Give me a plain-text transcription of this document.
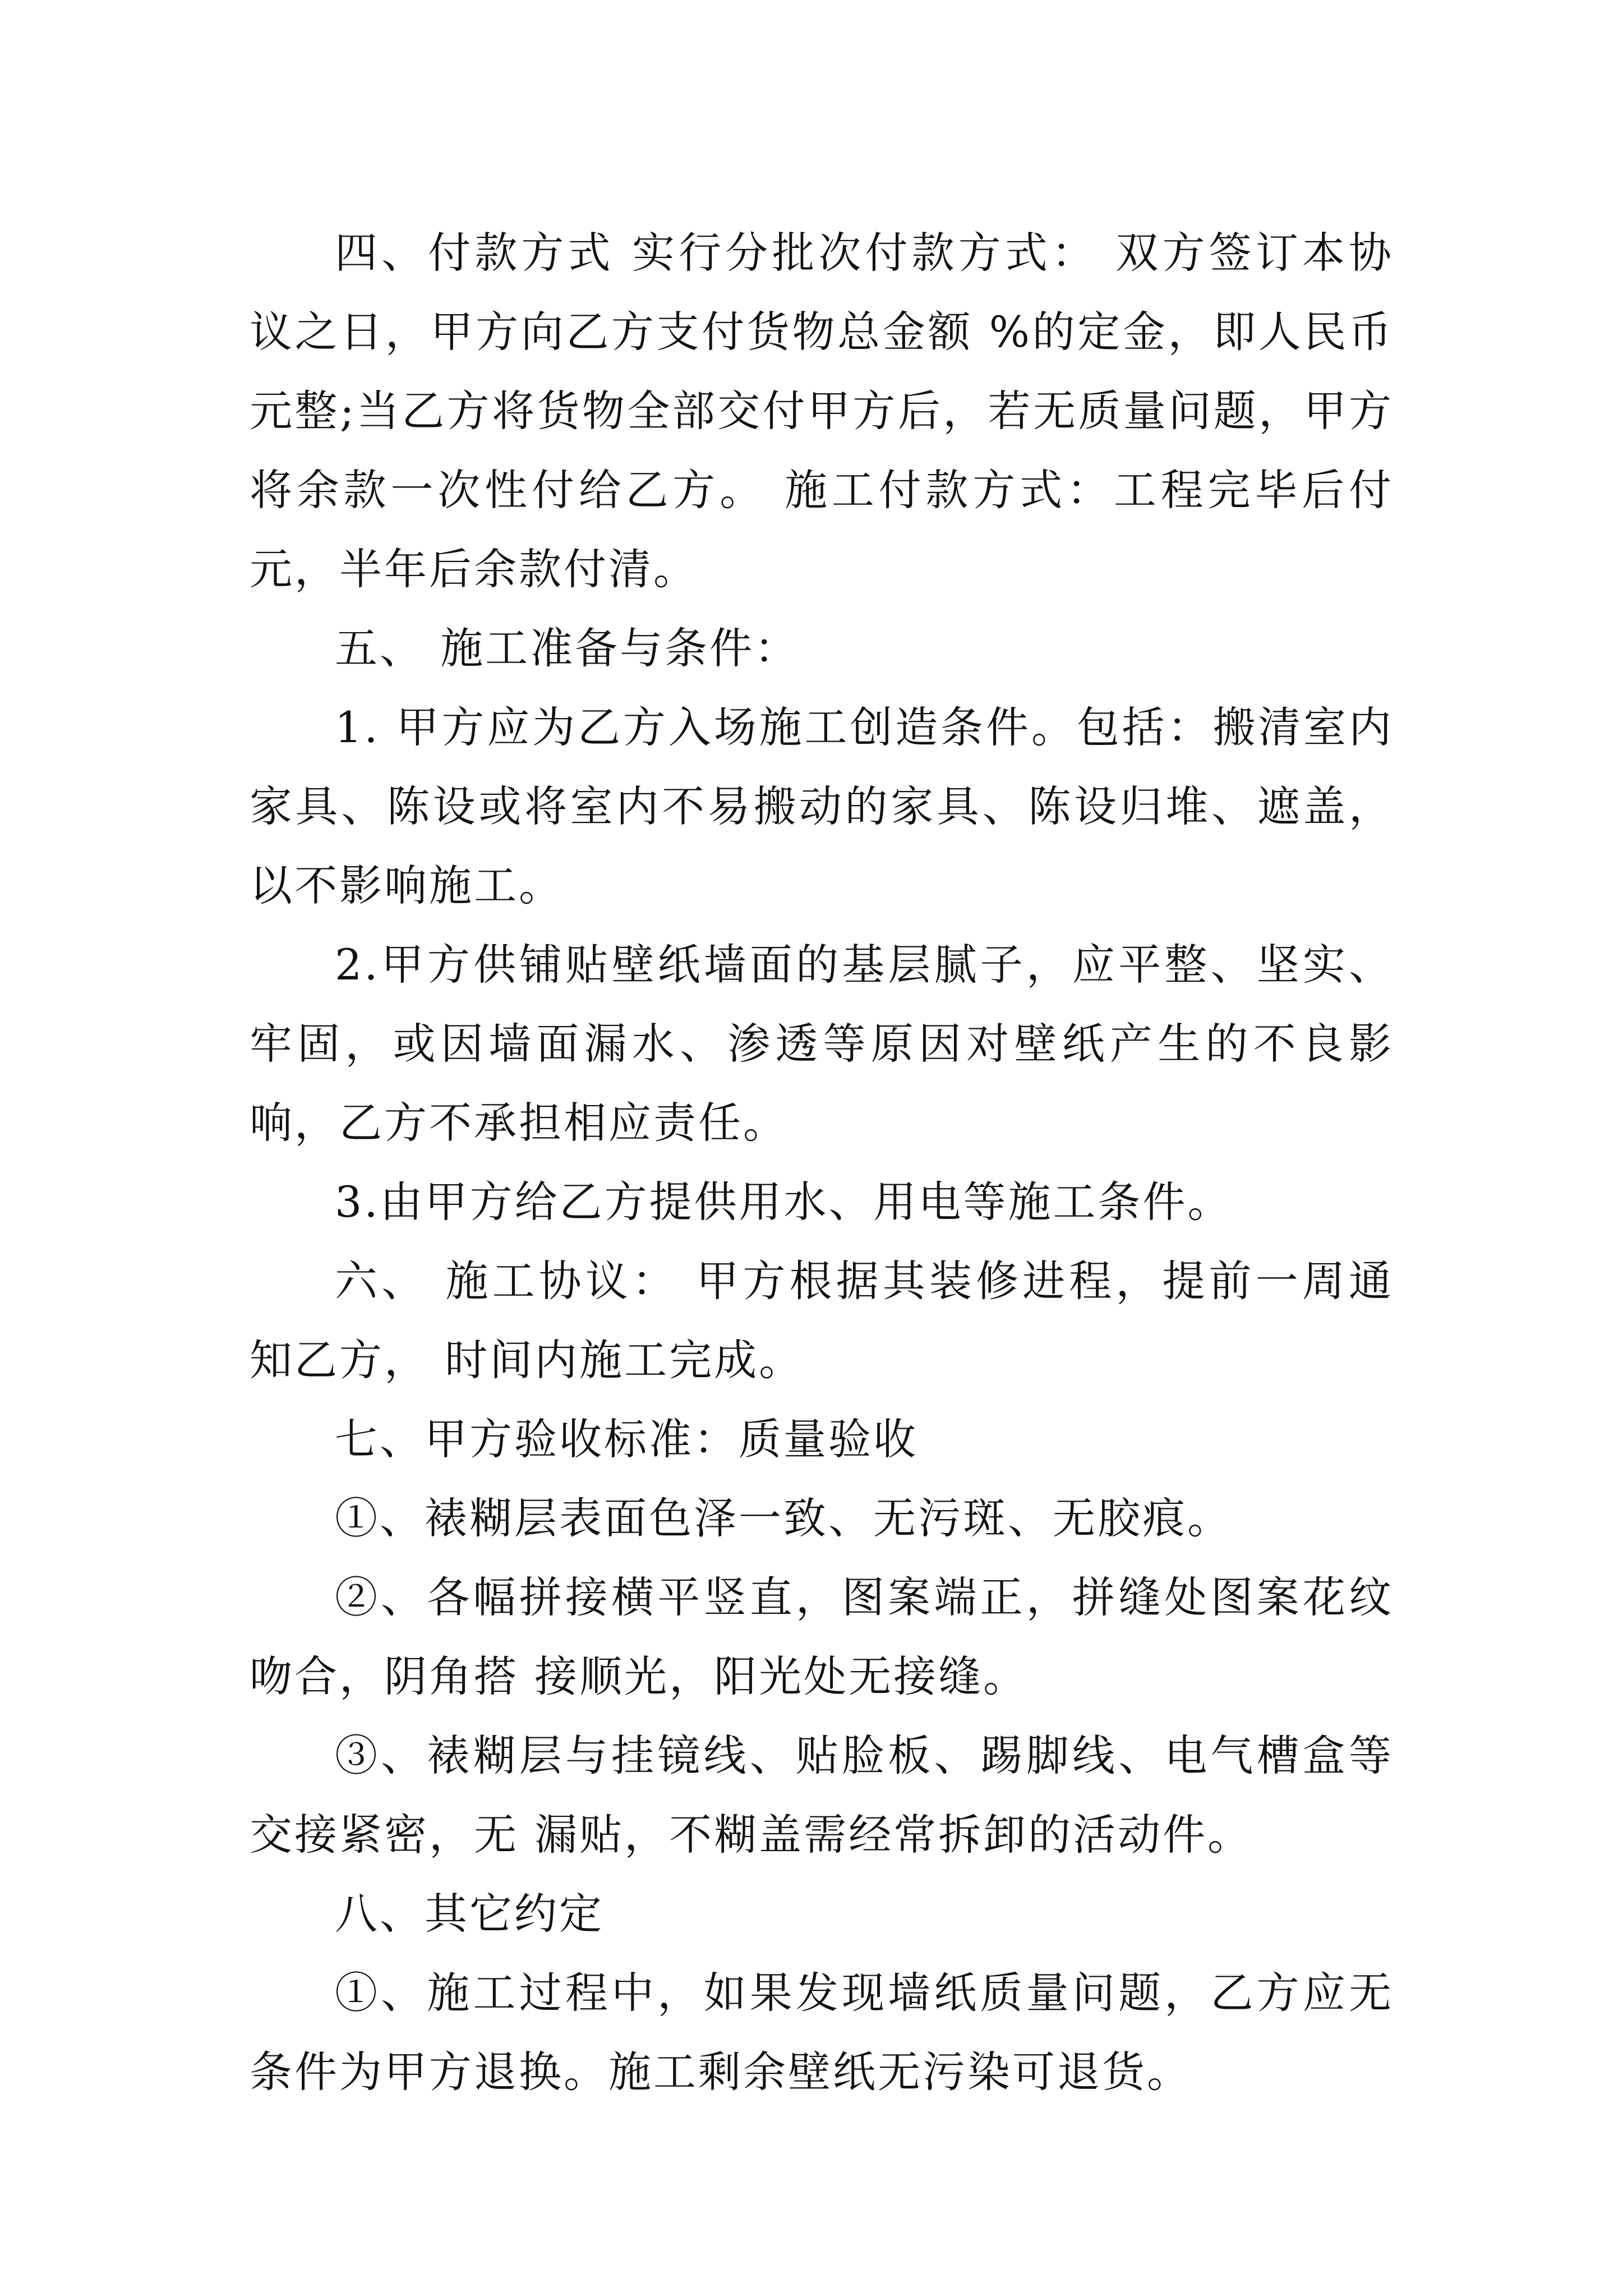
四、付款方式 实行分批次付款方式： 双方签订本协议之日，甲方向乙方支付货物总金额 %的定金，即人民币 元整;当乙方将货物全部交付甲方后，若无质量问题，甲方将余款一次性付给乙方。 施工付款方式：工程完毕后付 元，半年后余款付清。

五、 施工准备与条件：

1. 甲方应为乙方入场施工创造条件。包括：搬清室内家具、陈设或将室内不易搬动的家具、陈设归堆、遮盖，以不影响施工。

2.甲方供铺贴壁纸墙面的基层腻子，应平整、坚实、牢固，或因墙面漏水、渗透等原因对壁纸产生的不良影响，乙方不承担相应责任。

3.由甲方给乙方提供用水、用电等施工条件。

六、 施工协议： 甲方根据其装修进程，提前一周通知乙方， 时间内施工完成。

七、甲方验收标准：质量验收

①、裱糊层表面色泽一致、无污斑、无胶痕。

②、各幅拼接横平竖直，图案端正，拼缝处图案花纹吻合，阴角搭 接顺光，阳光处无接缝。

③、裱糊层与挂镜线、贴脸板、踢脚线、电气槽盒等交接紧密，无 漏贴，不糊盖需经常拆卸的活动件。

八、其它约定

①、施工过程中，如果发现墙纸质量问题，乙方应无条件为甲方退换。施工剩余壁纸无污染可退货。
